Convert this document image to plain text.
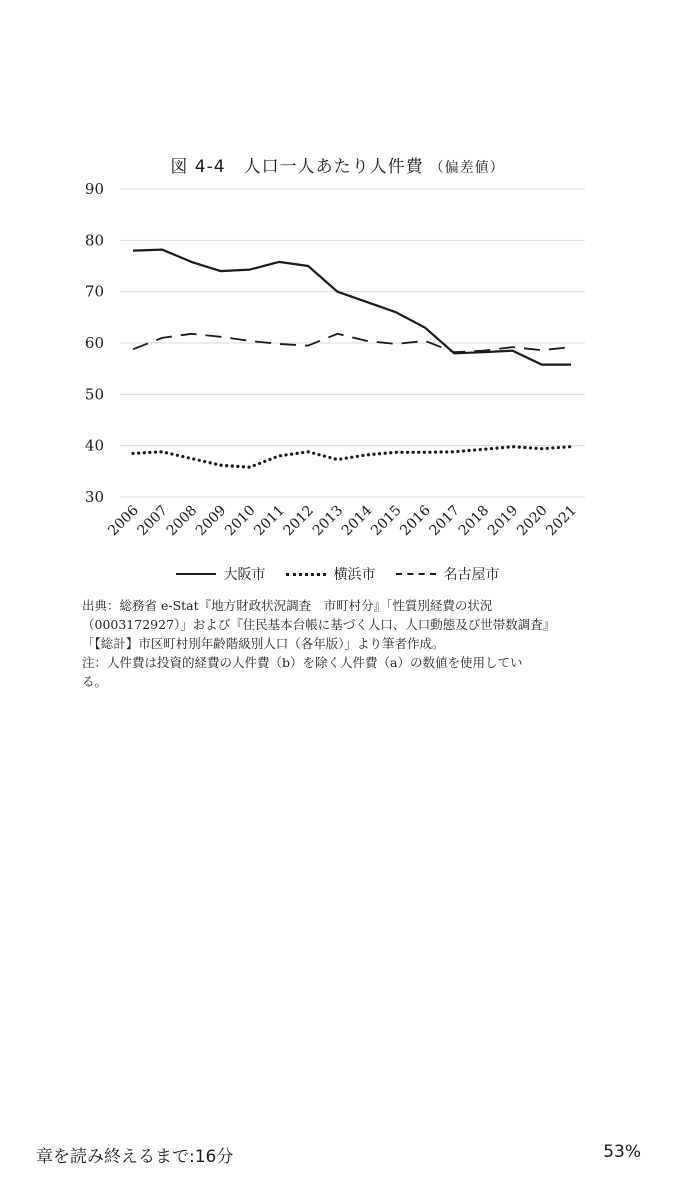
図 4-4　人口一人あたり人件費 （偏差値）
30
40
50
60
70
80
90
2006
2007
2008
2009
2010
2011
2012
2013
2014
2015
2016
2017
2018
2019
2020
2021
大阪市	横浜市	名古屋市

出典：総務省 e-Stat『地方財政状況調査　市町村分』「性質別経費の状況

（0003172927）」および『住民基本台帳に基づく人口、人口動態及び世帯数調査』

「【総計】市区町村別年齢階級別人口（各年版）」より筆者作成。

注：人件費は投資的経費の人件費（b）を除く人件費（a）の数値を使用してい

る。

章を読み終えるまで:16分	53%
